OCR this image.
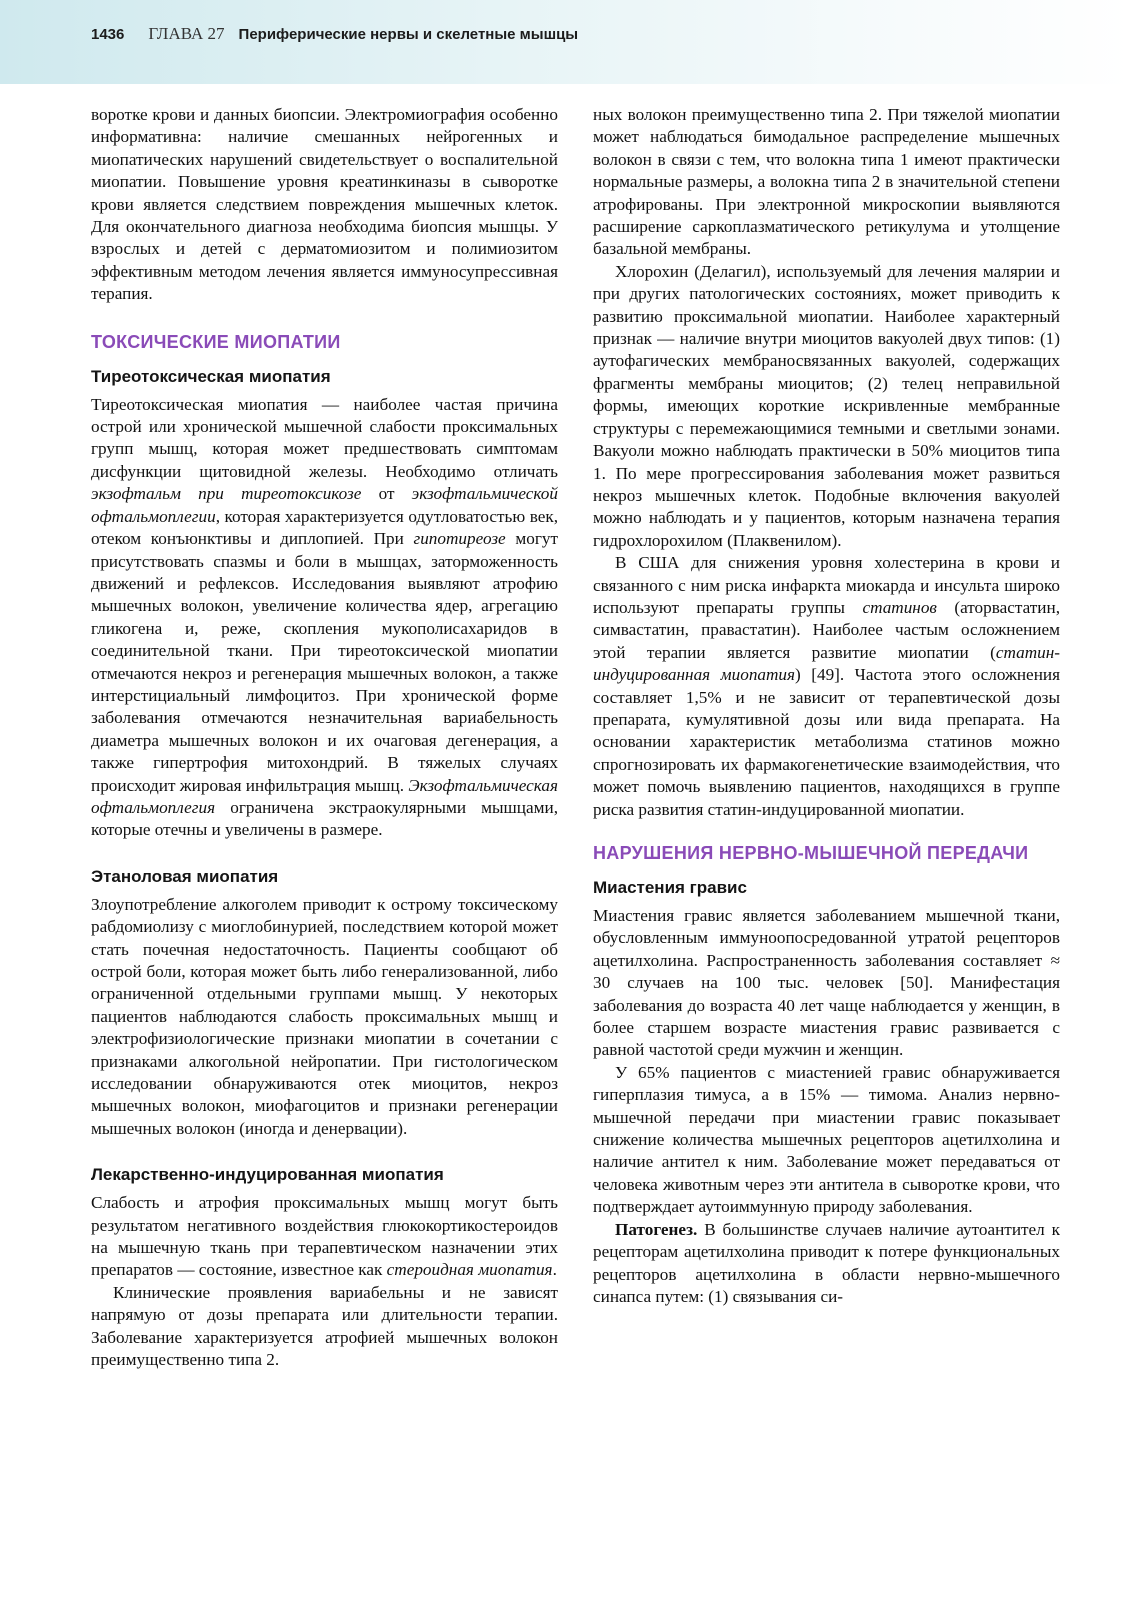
1436 ГЛАВА 27 Периферические нервы и скелетные мышцы

воротке крови и данных биопсии. Электромиография особенно информативна: наличие смешанных нейрогенных и миопатических нарушений свидетельствует о воспалительной миопатии. Повышение уровня креатинкиназы в сыворотке крови является следствием повреждения мышечных клеток. Для окончательного диагноза необходима биопсия мышцы. У взрослых и детей с дерматомиозитом и полимиозитом эффективным методом лечения является иммуносупрессивная терапия.

ТОКСИЧЕСКИЕ МИОПАТИИ
Тиреотоксическая миопатия

Тиреотоксическая миопатия — наиболее частая причина острой или хронической мышечной слабости проксимальных групп мышц, которая может предшествовать симптомам дисфункции щитовидной железы. Необходимо отличать экзофтальм при тиреотоксикозе от экзофтальмической офтальмоплегии, которая характеризуется одутловатостью век, отеком конъюнктивы и диплопией. При гипотиреозе могут присутствовать спазмы и боли в мышцах, заторможенность движений и рефлексов. Исследования выявляют атрофию мышечных волокон, увеличение количества ядер, агрегацию гликогена и, реже, скопления мукополисахаридов в соединительной ткани. При тиреотоксической миопатии отмечаются некроз и регенерация мышечных волокон, а также интерстициальный лимфоцитоз. При хронической форме заболевания отмечаются незначительная вариабельность диаметра мышечных волокон и их очаговая дегенерация, а также гипертрофия митохондрий. В тяжелых случаях происходит жировая инфильтрация мышц. Экзофтальмическая офтальмоплегия ограничена экстраокулярными мышцами, которые отечны и увеличены в размере.

Этаноловая миопатия

Злоупотребление алкоголем приводит к острому токсическому рабдомиолизу с миоглобинурией, последствием которой может стать почечная недостаточность. Пациенты сообщают об острой боли, которая может быть либо генерализованной, либо ограниченной отдельными группами мышц. У некоторых пациентов наблюдаются слабость проксимальных мышц и электрофизиологические признаки миопатии в сочетании с признаками алкогольной нейропатии. При гистологическом исследовании обнаруживаются отек миоцитов, некроз мышечных волокон, миофагоцитов и признаки регенерации мышечных волокон (иногда и денервации).

Лекарственно-индуцированная миопатия

Слабость и атрофия проксимальных мышц могут быть результатом негативного воздействия глюкокортикостероидов на мышечную ткань при терапевтическом назначении этих препаратов — состояние, известное как стероидная миопатия.

Клинические проявления вариабельны и не зависят напрямую от дозы препарата или длительности терапии. Заболевание характеризуется атрофией мышечных волокон преимущественно типа 2.

ных волокон преимущественно типа 2. При тяжелой миопатии может наблюдаться бимодальное распределение мышечных волокон в связи с тем, что волокна типа 1 имеют практически нормальные размеры, а волокна типа 2 в значительной степени атрофированы. При электронной микроскопии выявляются расширение саркоплазматического ретикулума и утолщение базальной мембраны.

Хлорохин (Делагил), используемый для лечения малярии и при других патологических состояниях, может приводить к развитию проксимальной миопатии. Наиболее характерный признак — наличие внутри миоцитов вакуолей двух типов: (1) аутофагических мембраносвязанных вакуолей, содержащих фрагменты мембраны миоцитов; (2) телец неправильной формы, имеющих короткие искривленные мембранные структуры с перемежающимися темными и светлыми зонами. Вакуоли можно наблюдать практически в 50% миоцитов типа 1. По мере прогрессирования заболевания может развиться некроз мышечных клеток. Подобные включения вакуолей можно наблюдать и у пациентов, которым назначена терапия гидрохлорохилом (Плаквенилом).

В США для снижения уровня холестерина в крови и связанного с ним риска инфаркта миокарда и инсульта широко используют препараты группы статинов (аторвастатин, симвастатин, правастатин). Наиболее частым осложнением этой терапии является развитие миопатии (статин-индуцированная миопатия) [49]. Частота этого осложнения составляет 1,5% и не зависит от терапевтической дозы препарата, кумулятивной дозы или вида препарата. На основании характеристик метаболизма статинов можно спрогнозировать их фармакогенетические взаимодействия, что может помочь выявлению пациентов, находящихся в группе риска развития статин-индуцированной миопатии.

НАРУШЕНИЯ НЕРВНО-МЫШЕЧНОЙ ПЕРЕДАЧИ
Миастения гравис

Миастения гравис является заболеванием мышечной ткани, обусловленным иммуноопосредованной утратой рецепторов ацетилхолина. Распространенность заболевания составляет ≈ 30 случаев на 100 тыс. человек [50]. Манифестация заболевания до возраста 40 лет чаще наблюдается у женщин, в более старшем возрасте миастения гравис развивается с равной частотой среди мужчин и женщин.

У 65% пациентов с миастенией гравис обнаруживается гиперплазия тимуса, а в 15% — тимома. Анализ нервно-мышечной передачи при миастении гравис показывает снижение количества мышечных рецепторов ацетилхолина и наличие антител к ним. Заболевание может передаваться от человека животным через эти антитела в сыворотке крови, что подтверждает аутоиммунную природу заболевания.

Патогенез. В большинстве случаев наличие аутоантител к рецепторам ацетилхолина приводит к потере функциональных рецепторов ацетилхолина в области нервно-мышечного синапса путем: (1) связывания си-
